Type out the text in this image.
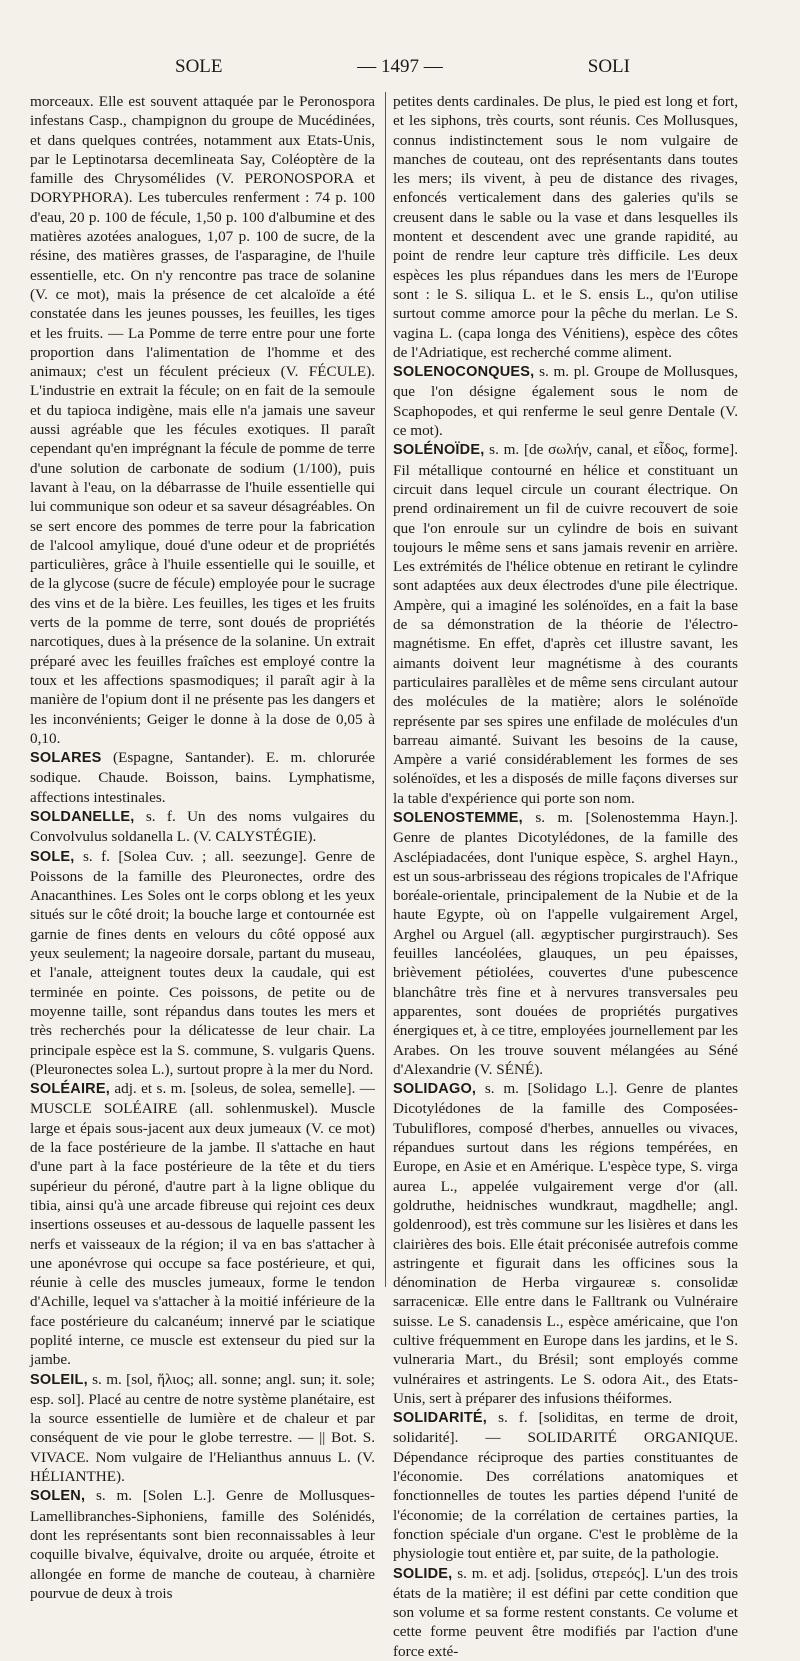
SOLE	— 1497 —	SOLI

morceaux. Elle est souvent attaquée par le Peronospora infestans Casp., champignon du groupe de Mucédinées, et dans quelques contrées, notamment aux Etats-Unis, par le Leptinotarsa decemlineata Say, Coléoptère de la famille des Chrysomélides (V. PERONOSPORA et DORYPHORA). Les tubercules renferment : 74 p. 100 d'eau, 20 p. 100 de fécule, 1,50 p. 100 d'albumine et des matières azotées analogues, 1,07 p. 100 de sucre, de la résine, des matières grasses, de l'asparagine, de l'huile essentielle, etc. On n'y rencontre pas trace de solanine (V. ce mot), mais la présence de cet alcaloïde a été constatée dans les jeunes pousses, les feuilles, les tiges et les fruits. — La Pomme de terre entre pour une forte proportion dans l'alimentation de l'homme et des animaux; c'est un féculent précieux (V. FÉCULE). L'industrie en extrait la fécule; on en fait de la semoule et du tapioca indigène, mais elle n'a jamais une saveur aussi agréable que les fécules exotiques. Il paraît cependant qu'en imprégnant la fécule de pomme de terre d'une solution de carbonate de sodium (1/100), puis lavant à l'eau, on la débarrasse de l'huile essentielle qui lui communique son odeur et sa saveur désagréables. On se sert encore des pommes de terre pour la fabrication de l'alcool amylique, doué d'une odeur et de propriétés particulières, grâce à l'huile essentielle qui le souille, et de la glycose (sucre de fécule) employée pour le sucrage des vins et de la bière. Les feuilles, les tiges et les fruits verts de la pomme de terre, sont doués de propriétés narcotiques, dues à la présence de la solanine. Un extrait préparé avec les feuilles fraîches est employé contre la toux et les affections spasmodiques; il paraît agir à la manière de l'opium dont il ne présente pas les dangers et les inconvénients; Geiger le donne à la dose de 0,05 à 0,10.

SOLARES (Espagne, Santander). E. m. chlorurée sodique. Chaude. Boisson, bains. Lymphatisme, affections intestinales.

SOLDANELLE, s. f. Un des noms vulgaires du Convolvulus soldanella L. (V. CALYSTÉGIE).

SOLE, s. f. [Solea Cuv. ; all. seezunge]. Genre de Poissons de la famille des Pleuronectes, ordre des Anacanthines. Les Soles ont le corps oblong et les yeux situés sur le côté droit; la bouche large et contournée est garnie de fines dents en velours du côté opposé aux yeux seulement; la nageoire dorsale, partant du museau, et l'anale, atteignent toutes deux la caudale, qui est terminée en pointe. Ces poissons, de petite ou de moyenne taille, sont répandus dans toutes les mers et très recherchés pour la délicatesse de leur chair. La principale espèce est la S. commune, S. vulgaris Quens. (Pleuronectes solea L.), surtout propre à la mer du Nord.

SOLÉAIRE, adj. et s. m. [soleus, de solea, semelle]. — MUSCLE SOLÉAIRE (all. sohlenmuskel). Muscle large et épais sous-jacent aux deux jumeaux (V. ce mot) de la face postérieure de la jambe. Il s'attache en haut d'une part à la face postérieure de la tête et du tiers supérieur du péroné, d'autre part à la ligne oblique du tibia, ainsi qu'à une arcade fibreuse qui rejoint ces deux insertions osseuses et au-dessous de laquelle passent les nerfs et vaisseaux de la région; il va en bas s'attacher à une aponévrose qui occupe sa face postérieure, et qui, réunie à celle des muscles jumeaux, forme le tendon d'Achille, lequel va s'attacher à la moitié inférieure de la face postérieure du calcanéum; innervé par le sciatique poplité interne, ce muscle est extenseur du pied sur la jambe.

SOLEIL, s. m. [sol, ἥλιος; all. sonne; angl. sun; it. sole; esp. sol]. Placé au centre de notre système planétaire, est la source essentielle de lumière et de chaleur et par conséquent de vie pour le globe terrestre. — || Bot. S. VIVACE. Nom vulgaire de l'Helianthus annuus L. (V. HÉLIANTHE).

SOLEN, s. m. [Solen L.]. Genre de Mollusques-Lamellibranches-Siphoniens, famille des Solénidés, dont les représentants sont bien reconnaissables à leur coquille bivalve, équivalve, droite ou arquée, étroite et allongée en forme de manche de couteau, à charnière pourvue de deux à trois

petites dents cardinales. De plus, le pied est long et fort, et les siphons, très courts, sont réunis. Ces Mollusques, connus indistinctement sous le nom vulgaire de manches de couteau, ont des représentants dans toutes les mers; ils vivent, à peu de distance des rivages, enfoncés verticalement dans des galeries qu'ils se creusent dans le sable ou la vase et dans lesquelles ils montent et descendent avec une grande rapidité, au point de rendre leur capture très difficile. Les deux espèces les plus répandues dans les mers de l'Europe sont : le S. siliqua L. et le S. ensis L., qu'on utilise surtout comme amorce pour la pêche du merlan. Le S. vagina L. (capa longa des Vénitiens), espèce des côtes de l'Adriatique, est recherché comme aliment.

SOLENOCONQUES, s. m. pl. Groupe de Mollusques, que l'on désigne également sous le nom de Scaphopodes, et qui renferme le seul genre Dentale (V. ce mot).

SOLÉNOÏDE, s. m. [de σωλήν, canal, et εἶδος, forme]. Fil métallique contourné en hélice et constituant un circuit dans lequel circule un courant électrique. On prend ordinairement un fil de cuivre recouvert de soie que l'on enroule sur un cylindre de bois en suivant toujours le même sens et sans jamais revenir en arrière. Les extrémités de l'hélice obtenue en retirant le cylindre sont adaptées aux deux électrodes d'une pile électrique. Ampère, qui a imaginé les solénoïdes, en a fait la base de sa démonstration de la théorie de l'électro-magnétisme. En effet, d'après cet illustre savant, les aimants doivent leur magnétisme à des courants particulaires parallèles et de même sens circulant autour des molécules de la matière; alors le solénoïde représente par ses spires une enfilade de molécules d'un barreau aimanté. Suivant les besoins de la cause, Ampère a varié considérablement les formes de ses solénoïdes, et les a disposés de mille façons diverses sur la table d'expérience qui porte son nom.

SOLENOSTEMME, s. m. [Solenostemma Hayn.]. Genre de plantes Dicotylédones, de la famille des Asclépiadacées, dont l'unique espèce, S. arghel Hayn., est un sous-arbrisseau des régions tropicales de l'Afrique boréale-orientale, principalement de la Nubie et de la haute Egypte, où on l'appelle vulgairement Argel, Arghel ou Arguel (all. ægyptischer purgirstrauch). Ses feuilles lancéolées, glauques, un peu épaisses, brièvement pétiolées, couvertes d'une pubescence blanchâtre très fine et à nervures transversales peu apparentes, sont douées de propriétés purgatives énergiques et, à ce titre, employées journellement par les Arabes. On les trouve souvent mélangées au Séné d'Alexandrie (V. SÉNÉ).

SOLIDAGO, s. m. [Solidago L.]. Genre de plantes Dicotylédones de la famille des Composées-Tubuliflores, composé d'herbes, annuelles ou vivaces, répandues surtout dans les régions tempérées, en Europe, en Asie et en Amérique. L'espèce type, S. virga aurea L., appelée vulgairement verge d'or (all. goldruthe, heidnisches wundkraut, magdhelle; angl. goldenrood), est très commune sur les lisières et dans les clairières des bois. Elle était préconisée autrefois comme astringente et figurait dans les officines sous la dénomination de Herba virgaureæ s. consolidæ sarracenicæ. Elle entre dans le Falltrank ou Vulnéraire suisse. Le S. canadensis L., espèce américaine, que l'on cultive fréquemment en Europe dans les jardins, et le S. vulneraria Mart., du Brésil; sont employés comme vulnéraires et astringents. Le S. odora Ait., des Etats-Unis, sert à préparer des infusions théiformes.

SOLIDARITÉ, s. f. [soliditas, en terme de droit, solidarité]. — SOLIDARITÉ ORGANIQUE. Dépendance réciproque des parties constituantes de l'économie. Des corrélations anatomiques et fonctionnelles de toutes les parties dépend l'unité de l'économie; de la corrélation de certaines parties, la fonction spéciale d'un organe. C'est le problème de la physiologie tout entière et, par suite, de la pathologie.

SOLIDE, s. m. et adj. [solidus, στερεός]. L'un des trois états de la matière; il est défini par cette condition que son volume et sa forme restent constants. Ce volume et cette forme peuvent être modifiés par l'action d'une force exté-
